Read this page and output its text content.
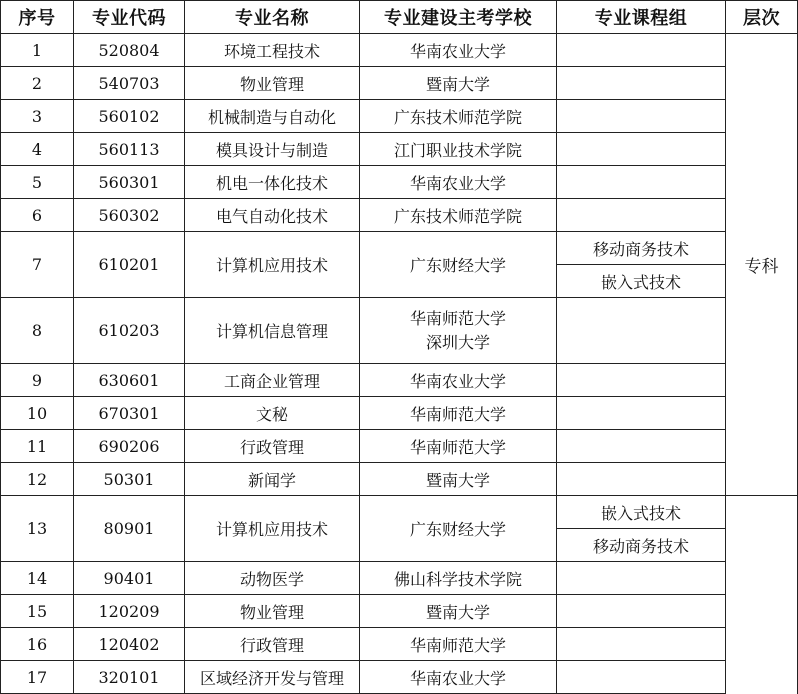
序号	专业代码	专业名称	专业建设主考学校	专业课程组	层次	
1	520804	环境工程技术	华南农业大学		专科	
2	540703	物业管理	暨南大学			
3	560102	机械制造与自动化	广东技术师范学院			
4	560113	模具设计与制造	江门职业技术学院			
5	560301	机电一体化技术	华南农业大学			
6	560302	电气自动化技术	广东技术师范学院			
7	610201	计算机应用技术	广东财经大学	移动商务技术		
				嵌入式技术		
8	610203	计算机信息管理	华南师范大学
深圳大学			

9	630601	工商企业管理	华南农业大学			
10	670301	文秘	华南师范大学			
11	690206	行政管理	华南师范大学			
12	50301	新闻学	暨南大学		
13	80901	计算机应用技术	广东财经大学	嵌入式技术		
				移动商务技术		
14	90401	动物医学	佛山科学技术学院			
15	120209	物业管理	暨南大学			
16	120402	行政管理	华南师范大学			
17	320101	区域经济开发与管理	华南农业大学			
